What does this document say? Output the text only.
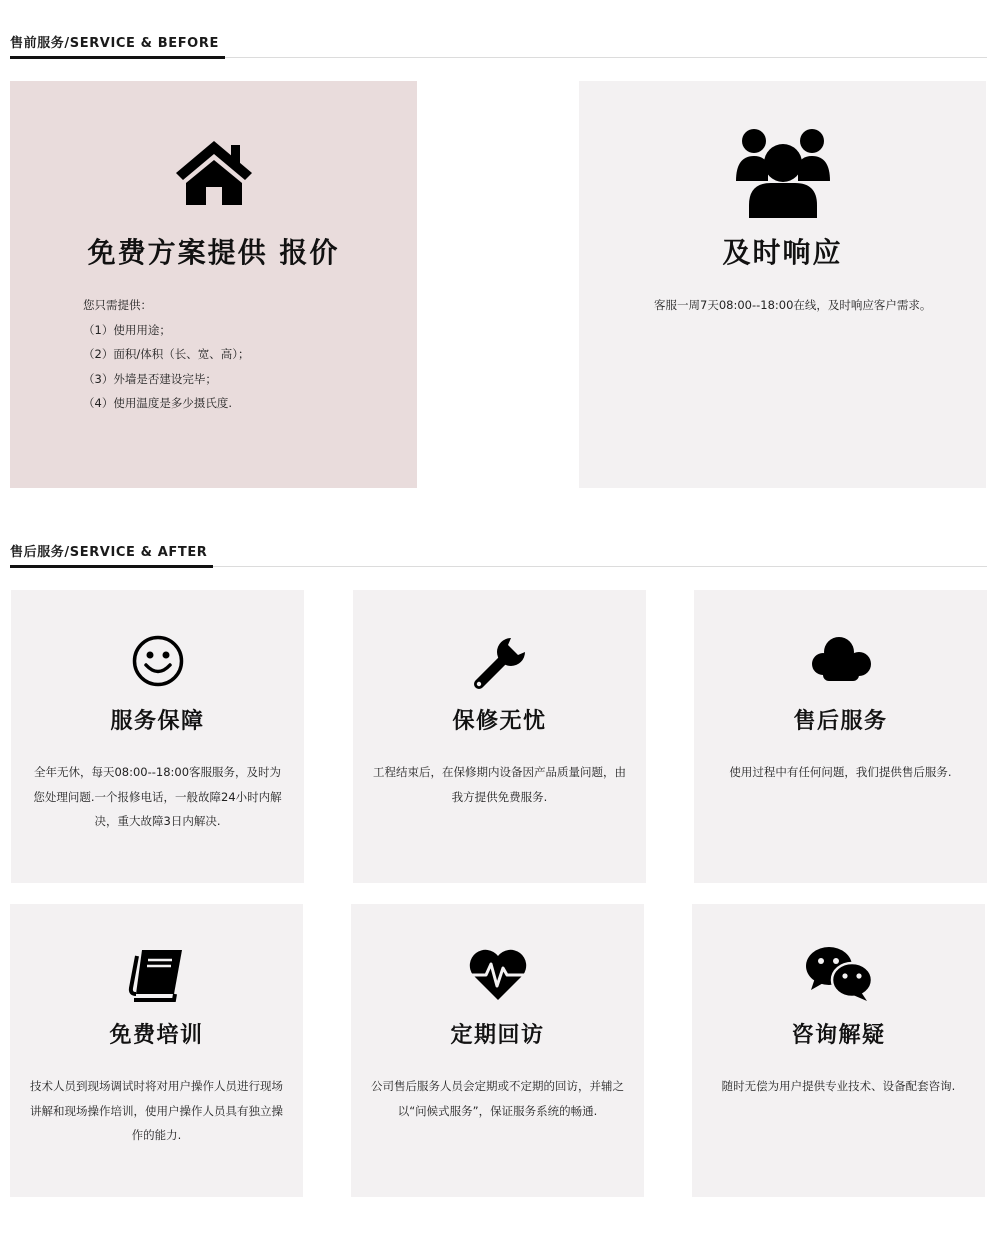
售前服务/SERVICE & BEFORE
免费方案提供 报价
您只需提供：
（1）使用用途；
（2）面积/体积（长、宽、高）；
（3）外墙是否建设完毕；
（4）使用温度是多少摄氏度.
及时响应
客服一周7天08:00--18:00在线，及时响应客户需求。
售后服务/SERVICE & AFTER
服务保障
全年无休，每天08:00--18:00客服服务，及时为您处理问题.一个报修电话，一般故障24小时内解决，重大故障3日内解决.
保修无忧
工程结束后，在保修期内设备因产品质量问题，由我方提供免费服务.
售后服务
使用过程中有任何问题，我们提供售后服务.
免费培训
技术人员到现场调试时将对用户操作人员进行现场讲解和现场操作培训，使用户操作人员具有独立操作的能力.
定期回访
公司售后服务人员会定期或不定期的回访，并辅之以“问候式服务”，保证服务系统的畅通.
咨询解疑
随时无偿为用户提供专业技术、设备配套咨询.
